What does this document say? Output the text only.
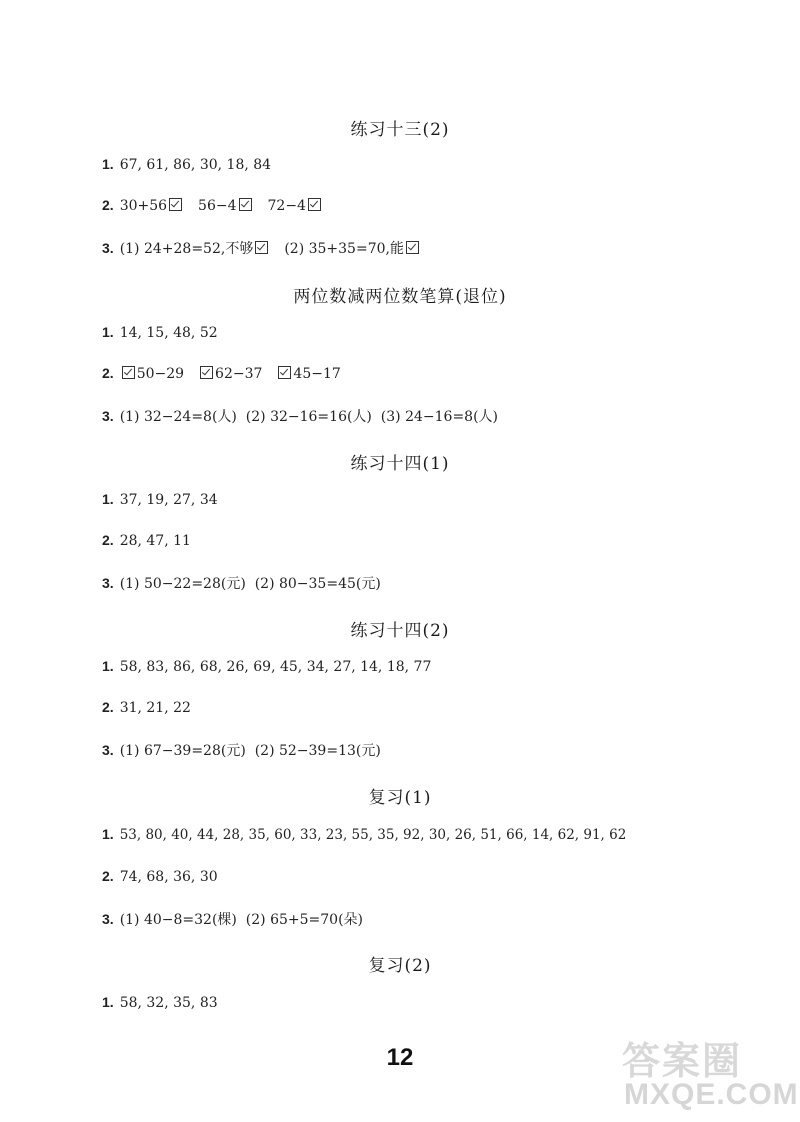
练习十三(2)
1. 67, 61, 86, 30, 18, 84
2. 30+56 56−4 72−4
3. (1) 24+28=52,不够 (2) 35+35=70,能
两位数减两位数笔算(退位)
1. 14, 15, 48, 52
2. 50−29 62−37 45−17
3. (1) 32−24=8(人)  (2) 32−16=16(人)  (3) 24−16=8(人)
练习十四(1)
1. 37, 19, 27, 34
2. 28, 47, 11
3. (1) 50−22=28(元)  (2) 80−35=45(元)
练习十四(2)
1. 58, 83, 86, 68, 26, 69, 45, 34, 27, 14, 18, 77
2. 31, 21, 22
3. (1) 67−39=28(元)  (2) 52−39=13(元)
复习(1)
1. 53, 80, 40, 44, 28, 35, 60, 33, 23, 55, 35, 92, 30, 26, 51, 66, 14, 62, 91, 62
2. 74, 68, 36, 30
3. (1) 40−8=32(棵)  (2) 65+5=70(朵)
复习(2)
1. 58, 32, 35, 83
12	答案圈
MXQE.COM
